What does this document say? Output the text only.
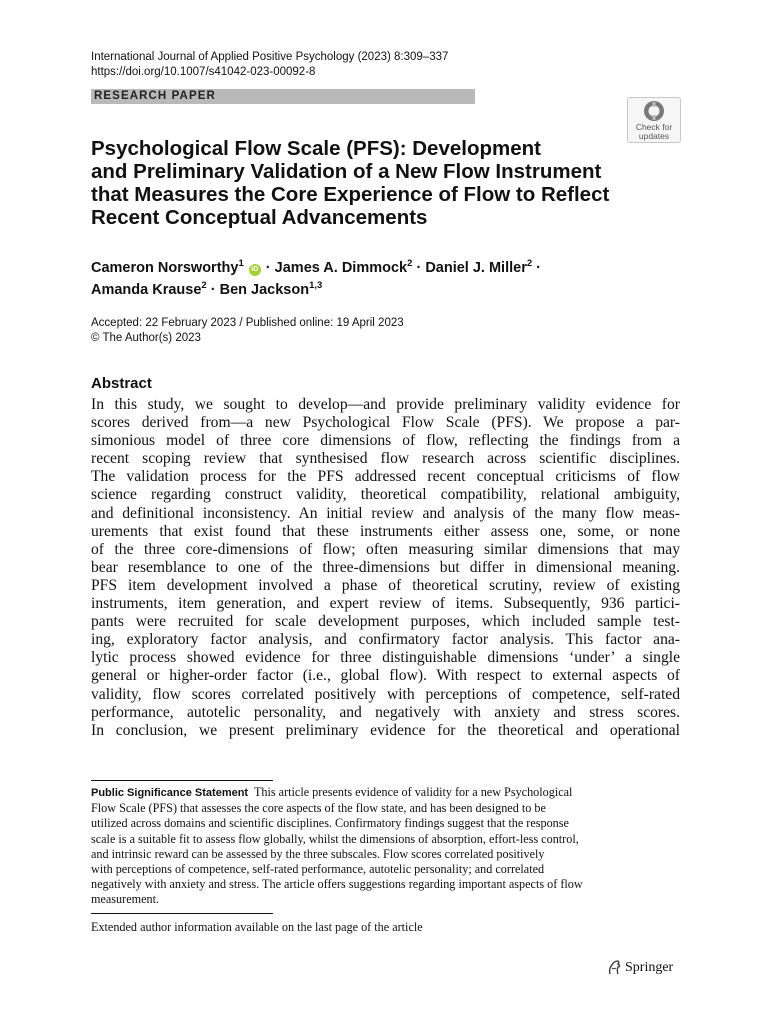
International Journal of Applied Positive Psychology (2023) 8:309–337
https://doi.org/10.1007/s41042-023-00092-8
RESEARCH PAPER
Check for
updates
Psychological Flow Scale (PFS): Development
and Preliminary Validation of a New Flow Instrument
that Measures the Core Experience of Flow to Reflect
Recent Conceptual Advancements
Cameron Norsworthy$^1$ iD · James A. Dimmock$^2$ · Daniel J. Miller$^2$ ·
Amanda Krause$^2$ · Ben Jackson$^{1,3}$
Accepted: 22 February 2023 / Published online: 19 April 2023
© The Author(s) 2023
Abstract
In this study, we sought to develop—and provide preliminary validity evidence for
scores derived from—a new Psychological Flow Scale (PFS). We propose a par-
simonious model of three core dimensions of flow, reflecting the findings from a
recent scoping review that synthesised flow research across scientific disciplines.
The validation process for the PFS addressed recent conceptual criticisms of flow
science regarding construct validity, theoretical compatibility, relational ambiguity,
and definitional inconsistency. An initial review and analysis of the many flow meas-
urements that exist found that these instruments either assess one, some, or none
of the three core-dimensions of flow; often measuring similar dimensions that may
bear resemblance to one of the three-dimensions but differ in dimensional meaning.
PFS item development involved a phase of theoretical scrutiny, review of existing
instruments, item generation, and expert review of items. Subsequently, 936 partici-
pants were recruited for scale development purposes, which included sample test-
ing, exploratory factor analysis, and confirmatory factor analysis. This factor ana-
lytic process showed evidence for three distinguishable dimensions ‘under’ a single
general or higher-order factor (i.e., global flow). With respect to external aspects of
validity, flow scores correlated positively with perceptions of competence, self-rated
performance, autotelic personality, and negatively with anxiety and stress scores.
In conclusion, we present preliminary evidence for the theoretical and operational
Public Significance Statement This article presents evidence of validity for a new Psychological
Flow Scale (PFS) that assesses the core aspects of the flow state, and has been designed to be
utilized across domains and scientific disciplines. Confirmatory findings suggest that the response
scale is a suitable fit to assess flow globally, whilst the dimensions of absorption, effort-less control,
and intrinsic reward can be assessed by the three subscales. Flow scores correlated positively
with perceptions of competence, self-rated performance, autotelic personality; and correlated
negatively with anxiety and stress. The article offers suggestions regarding important aspects of flow
measurement.
Extended author information available on the last page of the article
Springer
